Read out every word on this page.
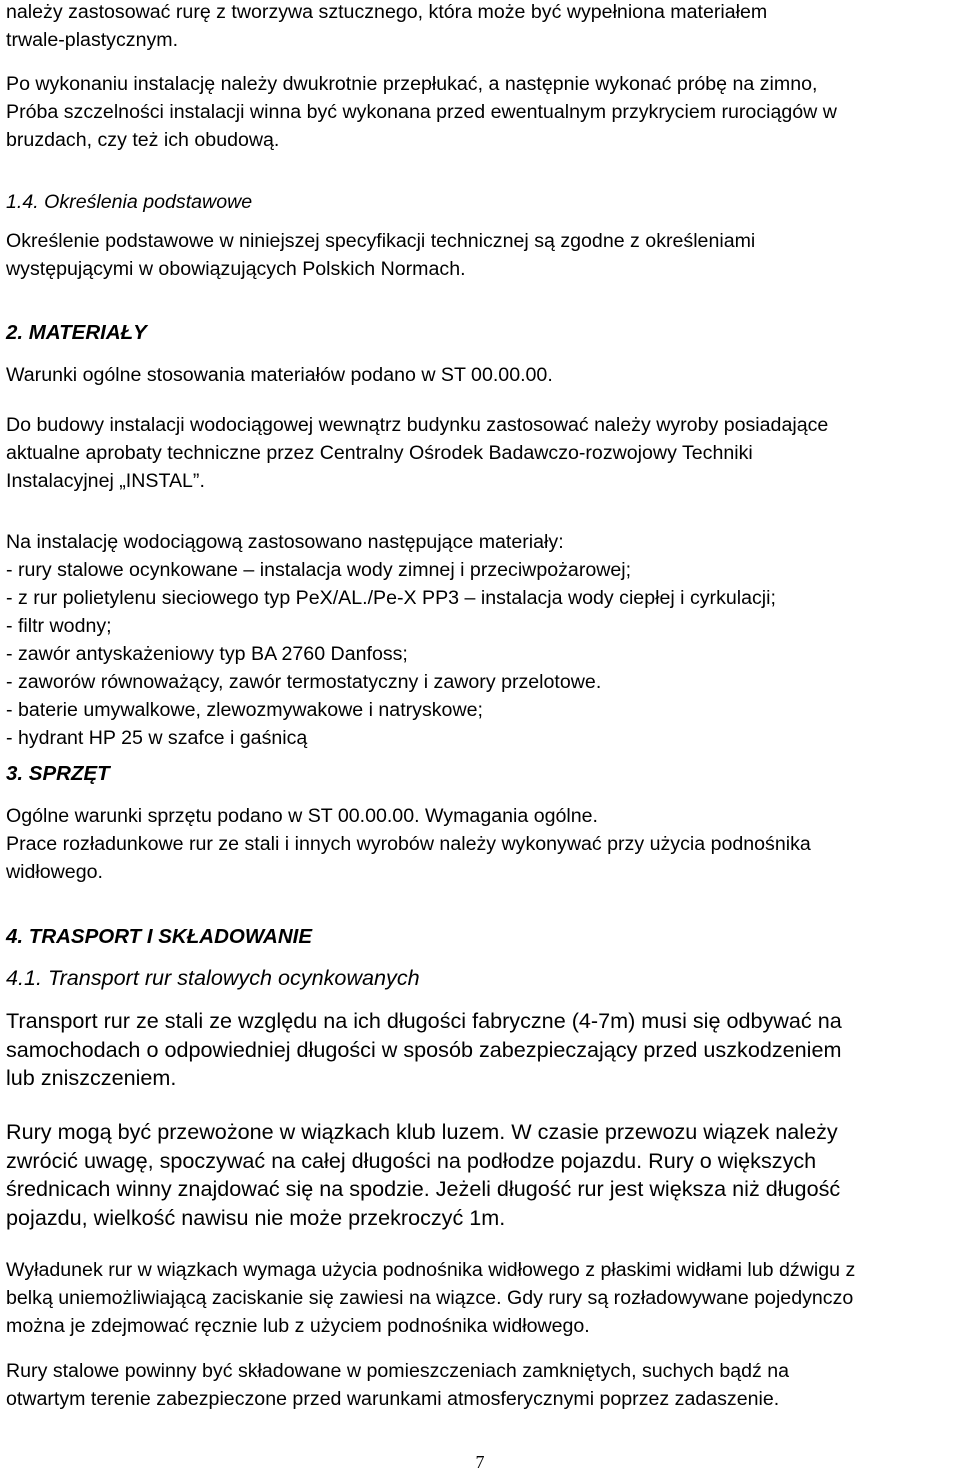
należy zastosować rurę z tworzywa sztucznego, która może być wypełniona materiałem
trwale-plastycznym.

Po wykonaniu instalację należy dwukrotnie przepłukać, a następnie wykonać próbę na zimno,
Próba szczelności instalacji winna być wykonana przed ewentualnym przykryciem rurociągów w
bruzdach, czy też ich obudową.

1.4. Określenia podstawowe

Określenie podstawowe w niniejszej specyfikacji technicznej są zgodne z określeniami
występującymi w obowiązujących Polskich Normach.

2. MATERIAŁY

Warunki ogólne stosowania materiałów podano w ST 00.00.00.

Do budowy instalacji wodociągowej wewnątrz budynku zastosować należy wyroby posiadające
aktualne aprobaty techniczne przez Centralny Ośrodek Badawczo-rozwojowy Techniki
Instalacyjnej „INSTAL”.

Na instalację wodociągową zastosowano następujące materiały:
- rury stalowe ocynkowane – instalacja wody zimnej i przeciwpożarowej;
- z rur polietylenu sieciowego typ PeX/AL./Pe-X PP3 – instalacja wody ciepłej i cyrkulacji;
- filtr wodny;
- zawór antyskażeniowy typ BA 2760 Danfoss;
- zaworów równoważący, zawór termostatyczny i zawory przelotowe.
- baterie umywalkowe, zlewozmywakowe i natryskowe;
- hydrant HP 25 w szafce i gaśnicą

3. SPRZĘT

Ogólne warunki sprzętu podano w ST 00.00.00. Wymagania ogólne.
Prace rozładunkowe rur ze stali i innych wyrobów należy wykonywać przy użycia podnośnika
widłowego.

4. TRASPORT I SKŁADOWANIE

4.1. Transport rur stalowych ocynkowanych

Transport rur ze stali ze względu na ich długości fabryczne (4-7m) musi się odbywać na
samochodach o odpowiedniej długości w sposób zabezpieczający przed uszkodzeniem
lub zniszczeniem.

Rury mogą być przewożone w wiązkach klub luzem. W czasie przewozu wiązek należy
zwrócić uwagę, spoczywać na całej długości na podłodze pojazdu. Rury o większych
średnicach winny znajdować się na spodzie. Jeżeli długość rur jest większa niż długość
pojazdu, wielkość nawisu nie może przekroczyć 1m.

Wyładunek rur w wiązkach wymaga użycia podnośnika widłowego z płaskimi widłami lub dźwigu z
belką uniemożliwiającą zaciskanie się zawiesi na wiązce. Gdy rury są rozładowywane pojedynczo
można je zdejmować ręcznie lub z użyciem podnośnika widłowego.

Rury stalowe powinny być składowane w pomieszczeniach zamkniętych, suchych bądź na
otwartym terenie zabezpieczone przed warunkami atmosferycznymi poprzez zadaszenie.

7
